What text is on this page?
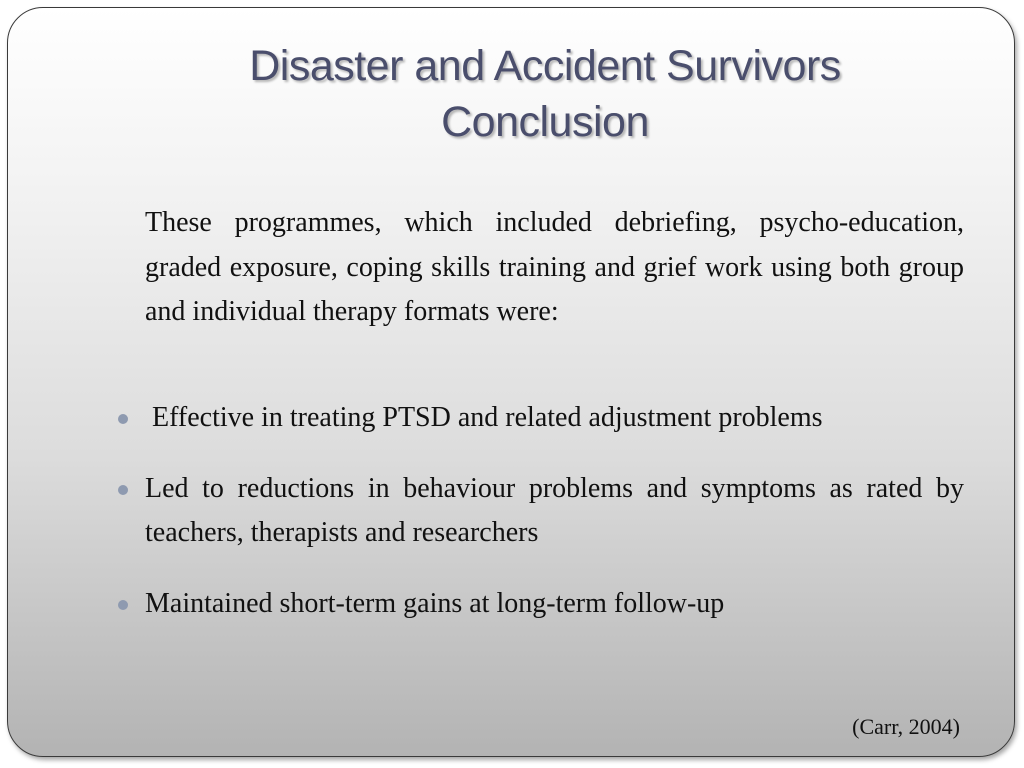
Disaster and Accident Survivors
Conclusion

These programmes, which included debriefing, psycho-education, graded exposure, coping skills training and grief work using both group and individual therapy formats were:

Effective in treating PTSD and related adjustment problems
Led to reductions in behaviour problems and symptoms as rated by teachers, therapists and researchers
Maintained short-term gains at long-term follow-up

(Carr, 2004)
